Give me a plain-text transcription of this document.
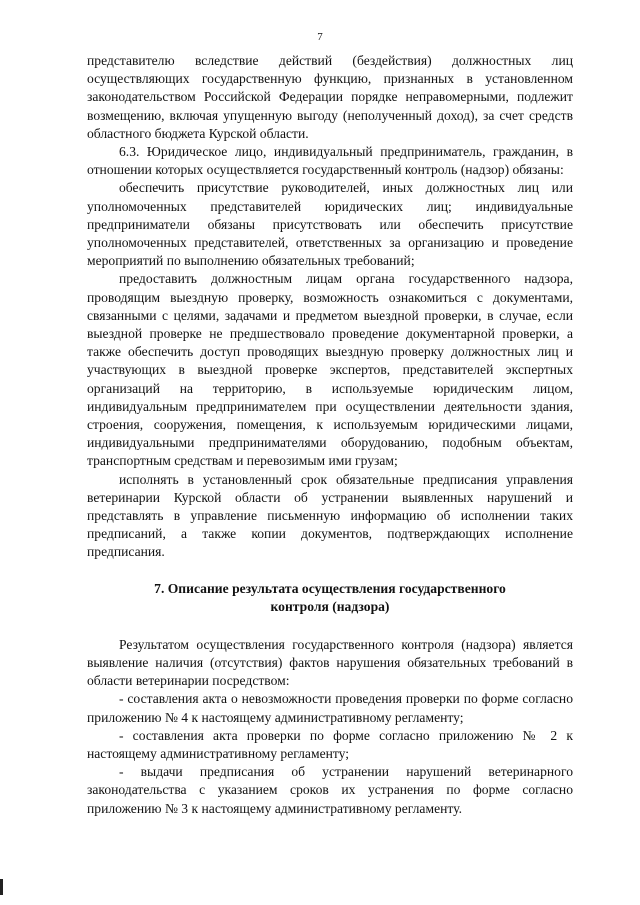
7

представителю вследствие действий (бездействия) должностных лиц осуществляющих государственную функцию, признанных в установленном законодательством Российской Федерации порядке неправомерными, подлежит возмещению, включая упущенную выгоду (неполученный доход), за счет средств областного бюджета Курской области.

6.3. Юридическое лицо, индивидуальный предприниматель, гражданин, в отношении которых осуществляется государственный контроль (надзор) обязаны:

обеспечить присутствие руководителей, иных должностных лиц или уполномоченных представителей юридических лиц; индивидуальные предприниматели обязаны присутствовать или обеспечить присутствие уполномоченных представителей, ответственных за организацию и проведение мероприятий по выполнению обязательных требований;

предоставить должностным лицам органа государственного надзора, проводящим выездную проверку, возможность ознакомиться с документами, связанными с целями, задачами и предметом выездной проверки, в случае, если выездной проверке не предшествовало проведение документарной проверки, а также обеспечить доступ проводящих выездную проверку должностных лиц и участвующих в выездной проверке экспертов, представителей экспертных организаций на территорию, в используемые юридическим лицом, индивидуальным предпринимателем при осуществлении деятельности здания, строения, сооружения, помещения, к используемым юридическими лицами, индивидуальными предпринимателями оборудованию, подобным объектам, транспортным средствам и перевозимым ими грузам;

исполнять в установленный срок обязательные предписания управления ветеринарии Курской области об устранении выявленных нарушений и представлять в управление письменную информацию об исполнении таких предписаний, а также копии документов, подтверждающих исполнение предписания.

7. Описание результата осуществления государственного
контроля (надзора)

Результатом осуществления государственного контроля (надзора) является выявление наличия (отсутствия) фактов нарушения обязательных требований в области ветеринарии посредством:

- составления акта о невозможности проведения проверки по форме согласно приложению № 4 к настоящему административному регламенту;

- составления акта проверки по форме согласно приложению № 2 к настоящему административному регламенту;

- выдачи предписания об устранении нарушений ветеринарного законодательства с указанием сроков их устранения по форме согласно приложению № 3 к настоящему административному регламенту.
